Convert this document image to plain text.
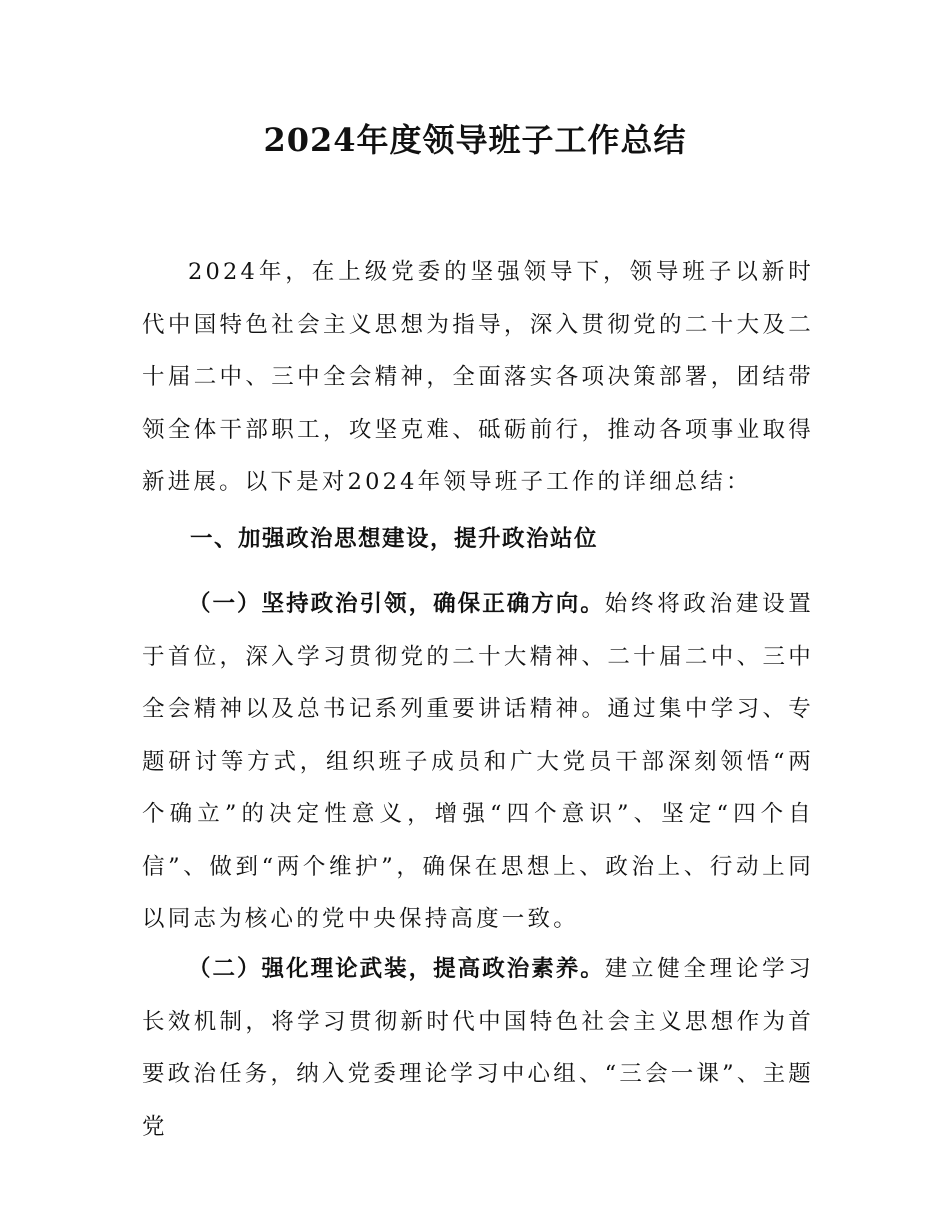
2024年度领导班子工作总结

2024年，在上级党委的坚强领导下，领导班子以新时代中国特色社会主义思想为指导，深入贯彻党的二十大及二十届二中、三中全会精神，全面落实各项决策部署，团结带领全体干部职工，攻坚克难、砥砺前行，推动各项事业取得新进展。以下是对2024年领导班子工作的详细总结：

一、加强政治思想建设，提升政治站位

（一）坚持政治引领，确保正确方向。始终将政治建设置于首位，深入学习贯彻党的二十大精神、二十届二中、三中全会精神以及总书记系列重要讲话精神。通过集中学习、专题研讨等方式，组织班子成员和广大党员干部深刻领悟“两个确立”的决定性意义，增强“四个意识”、坚定“四个自信”、做到“两个维护”，确保在思想上、政治上、行动上同以同志为核心的党中央保持高度一致。

（二）强化理论武装，提高政治素养。建立健全理论学习长效机制，将学习贯彻新时代中国特色社会主义思想作为首要政治任务，纳入党委理论学习中心组、“三会一课”、主题党
